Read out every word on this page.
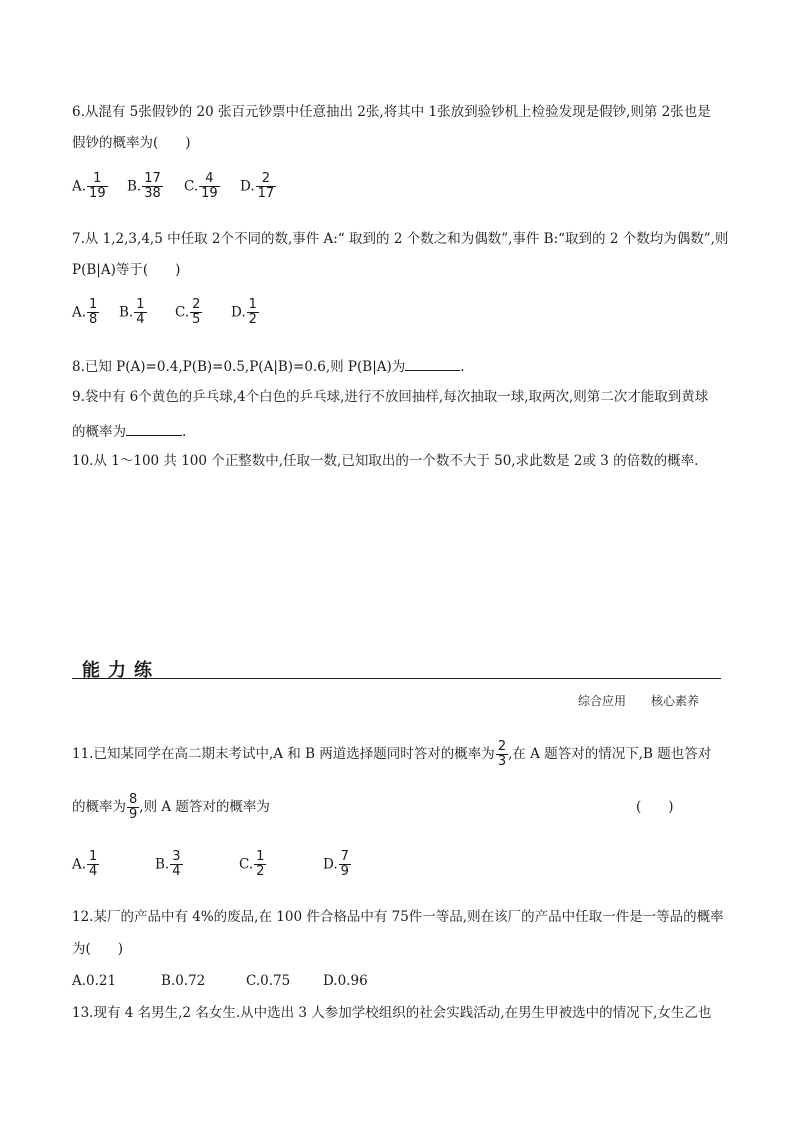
6.从混有 5张假钞的 20 张百元钞票中任意抽出 2张,将其中 1张放到验钞机上检验发现是假钞,则第 2张也是
假钞的概率为(　　)
A. $\frac{1}{19} B$. $\frac{17}{38} C$. $\frac{4}{19} D$. $\frac{2}{17}$
7.从 1,2,3,4,5 中任取 2个不同的数,事件 A:“ 取到的 2 个数之和为偶数”,事件 B:“取到的 2 个数均为偶数”,则
P(B|A)等于(　　)
A. $\frac{1}{8} B$. $\frac{1}{4} C$. $\frac{2}{5} D$. $\frac{1}{2}$
8.已知 P(A)=0.4,P(B)=0.5,P(A|B)=0.6,则 P(B|A)为	.
9.袋中有 6个黄色的乒乓球,4个白色的乒乓球,进行不放回抽样,每次抽取一球,取两次,则第二次才能取到黄球
的概率为	.
10.从 1～100 共 100 个正整数中,任取一数,已知取出的一个数不大于 50,求此数是 2或 3 的倍数的概率.
能力练
综合应用 核心素养
11.已知某同学在高二期末考试中,A 和 B 两道选择题同时答对的概率为 $\frac{2}{3}$ ,在 A 题答对的情况下,B 题也答对
的概率为 $\frac{8}{9}$ ,则 A 题答对的概率为	(　　)
A. $\frac{1}{4}$	B. $\frac{3}{4}$	C. $\frac{1}{2}$	D. $\frac{7}{9}$
12.某厂的产品中有 4%的废品,在 100 件合格品中有 75件一等品,则在该厂的产品中任取一件是一等品的概率
为(　　)
A.0.21	B.0.72	C.0.75 D.0.96
13.现有 4 名男生,2 名女生.从中选出 3 人参加学校组织的社会实践活动,在男生甲被选中的情况下,女生乙也
